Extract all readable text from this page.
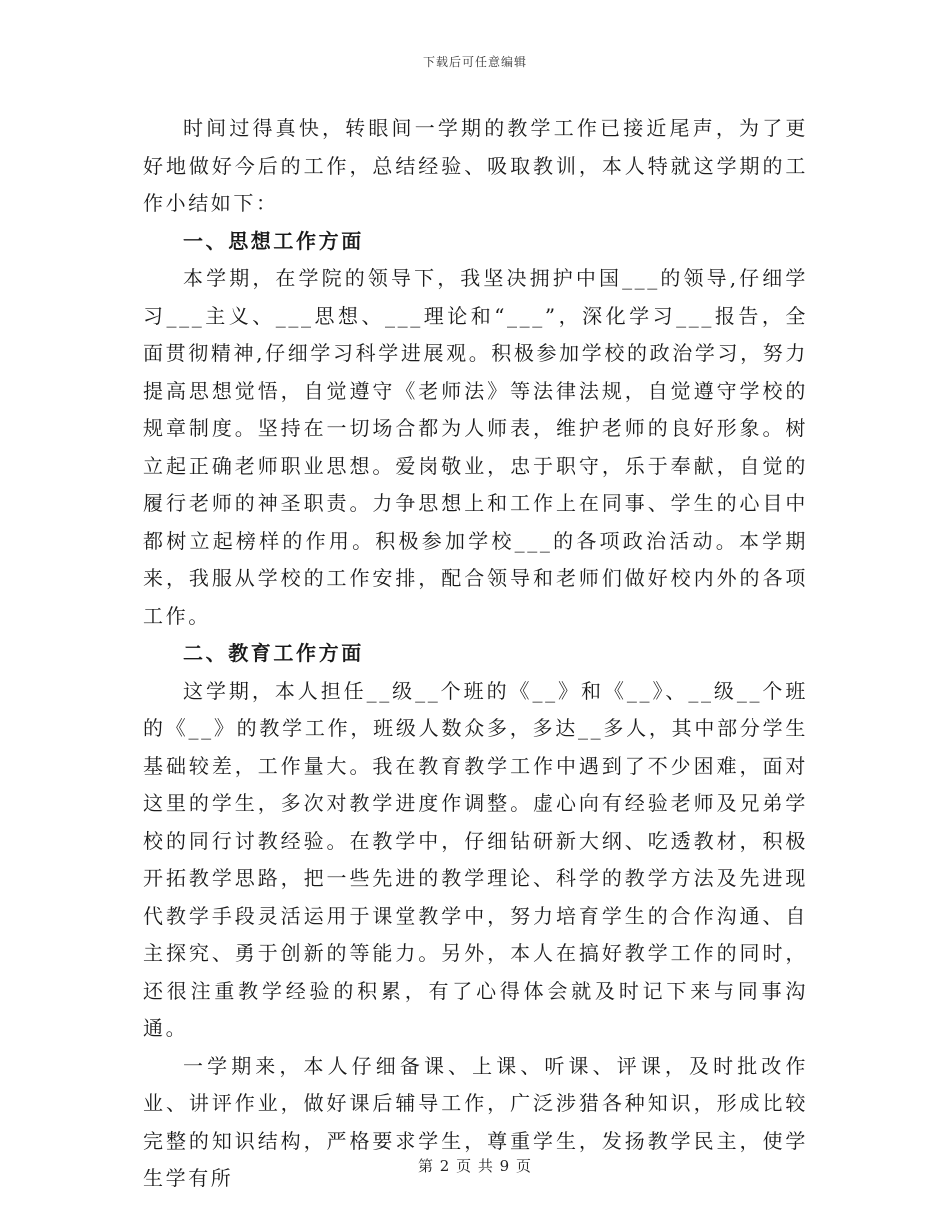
下载后可任意编辑

时间过得真快，转眼间一学期的教学工作已接近尾声，为了更好地做好今后的工作，总结经验、吸取教训，本人特就这学期的工作小结如下：

一、思想工作方面

本学期，在学院的领导下，我坚决拥护中国___的领导,仔细学习___主义、___思想、___理论和“___”，深化学习___报告，全面贯彻精神,仔细学习科学进展观。积极参加学校的政治学习，努力提高思想觉悟，自觉遵守《老师法》等法律法规，自觉遵守学校的规章制度。坚持在一切场合都为人师表，维护老师的良好形象。树立起正确老师职业思想。爱岗敬业，忠于职守，乐于奉献，自觉的履行老师的神圣职责。力争思想上和工作上在同事、学生的心目中都树立起榜样的作用。积极参加学校___的各项政治活动。本学期来，我服从学校的工作安排，配合领导和老师们做好校内外的各项工作。

二、教育工作方面

这学期，本人担任__级__个班的《__》和《__》、__级__个班的《__》的教学工作，班级人数众多，多达__多人，其中部分学生基础较差，工作量大。我在教育教学工作中遇到了不少困难，面对这里的学生，多次对教学进度作调整。虚心向有经验老师及兄弟学校的同行讨教经验。在教学中，仔细钻研新大纲、吃透教材，积极开拓教学思路，把一些先进的教学理论、科学的教学方法及先进现代教学手段灵活运用于课堂教学中，努力培育学生的合作沟通、自主探究、勇于创新的等能力。另外，本人在搞好教学工作的同时，还很注重教学经验的积累，有了心得体会就及时记下来与同事沟通。

一学期来，本人仔细备课、上课、听课、评课，及时批改作业、讲评作业，做好课后辅导工作，广泛涉猎各种知识，形成比较完整的知识结构，严格要求学生，尊重学生，发扬教学民主，使学生学有所	第 2 页 共 9 页
